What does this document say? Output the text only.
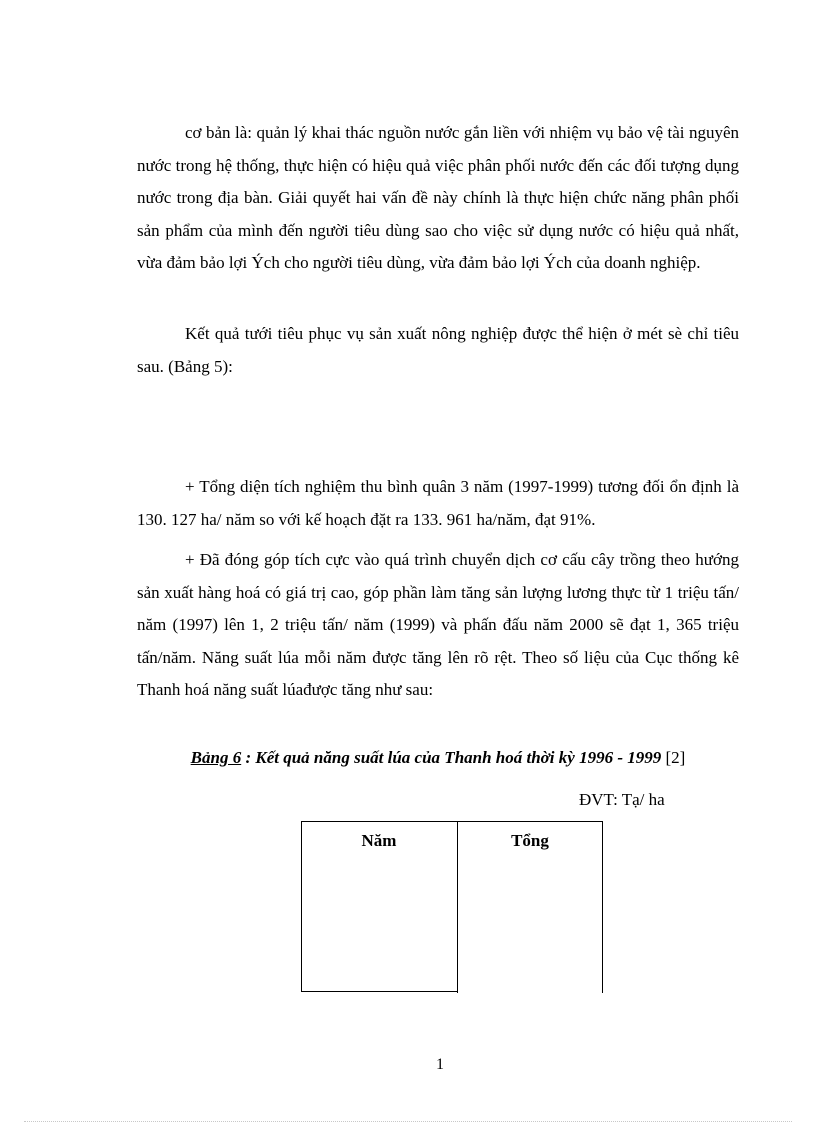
cơ bản là: quản lý khai thác nguồn nước gắn liền với nhiệm vụ bảo vệ tài nguyên nước trong hệ thống, thực hiện có hiệu quả việc phân phối nước đến các đối tượng dụng nước trong địa bàn. Giải quyết hai vấn đề này chính là thực hiện chức năng phân phối sản phẩm của mình đến người tiêu dùng sao cho việc sử dụng nước có hiệu quả nhất, vừa đảm bảo lợi Ých cho người tiêu dùng, vừa đảm bảo lợi Ých của doanh nghiệp.

Kết quả tưới tiêu phục vụ sản xuất nông nghiệp được thể hiện ở mét sè chỉ tiêu sau. (Bảng 5):

+ Tổng diện tích nghiệm thu bình quân 3 năm (1997-1999) tương đối ổn định là 130. 127 ha/ năm so với kế hoạch đặt ra 133. 961 ha/năm, đạt 91%.

+ Đã đóng góp tích cực vào quá trình chuyển dịch cơ cấu cây trồng theo hướng sản xuất hàng hoá có giá trị cao, góp phần làm tăng sản lượng lương thực từ 1 triệu tấn/ năm (1997) lên 1, 2 triệu tấn/ năm (1999) và phấn đấu năm 2000 sẽ đạt 1, 365 triệu tấn/năm. Năng suất lúa mỗi năm được tăng lên rõ rệt. Theo số liệu của Cục thống kê Thanh hoá năng suất lúađược tăng như sau:

Bảng 6 : Kết quả năng suất lúa của Thanh hoá thời kỳ 1996 - 1999 [2]

ĐVT: Tạ/ ha

Năm	Tổng

1
